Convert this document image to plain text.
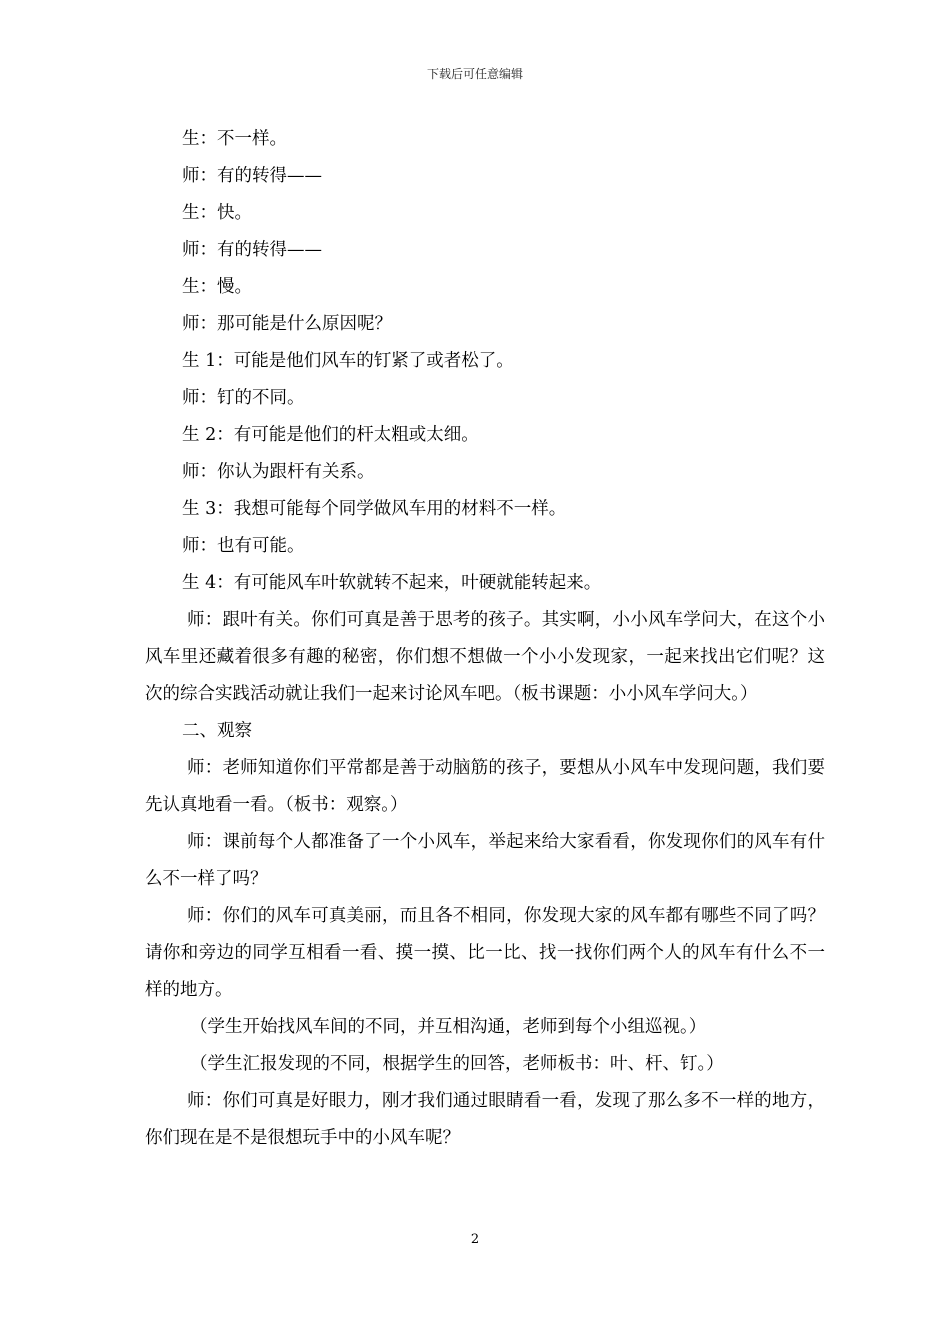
下载后可任意编辑

生：不一样。

师：有的转得——

生：快。

师：有的转得——

生：慢。

师：那可能是什么原因呢？

生 1：可能是他们风车的钉紧了或者松了。

师：钉的不同。

生 2：有可能是他们的杆太粗或太细。

师：你认为跟杆有关系。

生 3：我想可能每个同学做风车用的材料不一样。

师：也有可能。

生 4：有可能风车叶软就转不起来，叶硬就能转起来。

师：跟叶有关。你们可真是善于思考的孩子。其实啊，小小风车学问大，在这个小风车里还藏着很多有趣的秘密，你们想不想做一个小小发现家，一起来找出它们呢？这次的综合实践活动就让我们一起来讨论风车吧。（板书课题：小小风车学问大。）

二、观察

师：老师知道你们平常都是善于动脑筋的孩子，要想从小风车中发现问题，我们要先认真地看一看。（板书：观察。）

师：课前每个人都准备了一个小风车，举起来给大家看看，你发现你们的风车有什么不一样了吗？

师：你们的风车可真美丽，而且各不相同，你发现大家的风车都有哪些不同了吗？请你和旁边的同学互相看一看、摸一摸、比一比、找一找你们两个人的风车有什么不一样的地方。

（学生开始找风车间的不同，并互相沟通，老师到每个小组巡视。）

（学生汇报发现的不同，根据学生的回答，老师板书：叶、杆、钉。）

师：你们可真是好眼力，刚才我们通过眼睛看一看，发现了那么多不一样的地方，你们现在是不是很想玩手中的小风车呢？

2
